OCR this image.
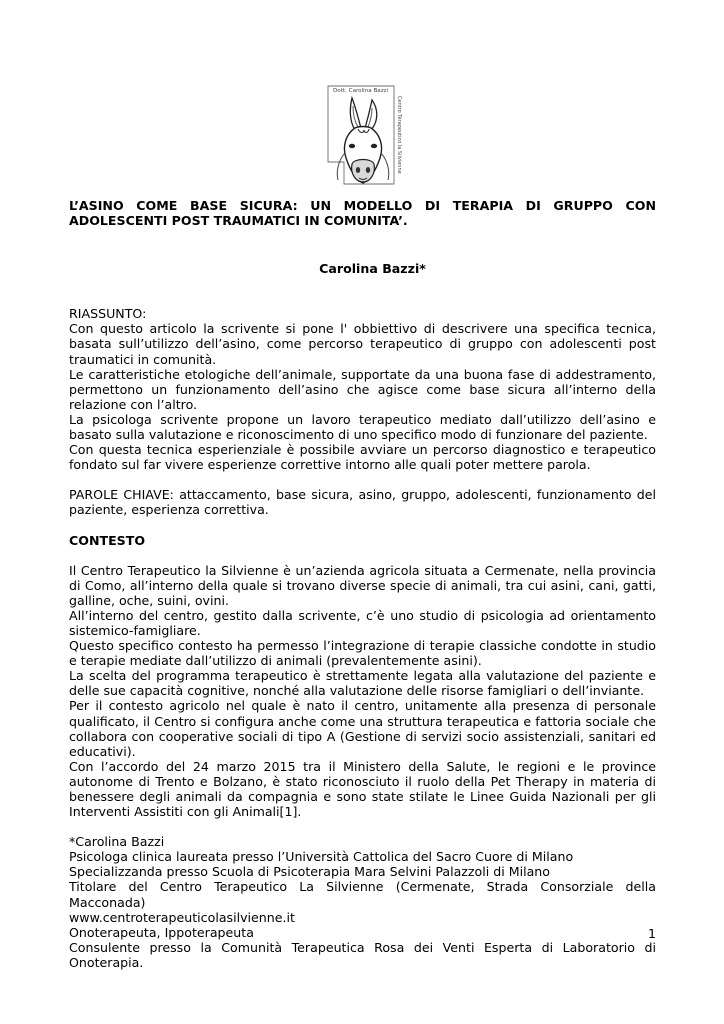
Dott. Carolina Bazzi
Centro Terapeutico la Silvienne

L’ASINO COME BASE SICURA: UN MODELLO DI TERAPIA DI GRUPPO CON ADOLESCENTI POST TRAUMATICI IN COMUNITA’.

Carolina Bazzi*

RIASSUNTO:

Con questo articolo la scrivente si pone l' obbiettivo di descrivere una specifica tecnica, basata sull’utilizzo dell’asino, come percorso terapeutico di gruppo con adolescenti post traumatici in comunità.

Le caratteristiche etologiche dell’animale, supportate da una buona fase di addestramento, permettono un funzionamento dell’asino che agisce come base sicura all’interno della relazione con l’altro.

La psicologa scrivente propone un lavoro terapeutico mediato dall’utilizzo dell’asino e basato sulla valutazione e riconoscimento di uno specifico modo di funzionare del paziente.

Con questa tecnica esperienziale è possibile avviare un percorso diagnostico e terapeutico fondato sul far vivere esperienze correttive intorno alle quali poter mettere parola.

PAROLE CHIAVE: attaccamento, base sicura, asino, gruppo, adolescenti, funzionamento del paziente, esperienza correttiva.

CONTESTO

Il Centro Terapeutico la Silvienne è un’azienda agricola situata a Cermenate, nella provincia di Como, all’interno della quale si trovano diverse specie di animali, tra cui asini, cani, gatti, galline, oche, suini, ovini.

All’interno del centro, gestito dalla scrivente, c’è uno studio di psicologia ad orientamento sistemico-famigliare.

Questo specifico contesto ha permesso l’integrazione di terapie classiche condotte in studio e terapie mediate dall’utilizzo di animali (prevalentemente asini).

La scelta del programma terapeutico è strettamente legata alla valutazione del paziente e delle sue capacità cognitive, nonché alla valutazione delle risorse famigliari o dell’inviante.

Per il contesto agricolo nel quale è nato il centro, unitamente alla presenza di personale qualificato, il Centro si configura anche come una struttura terapeutica e fattoria sociale che collabora con cooperative sociali di tipo A (Gestione di servizi socio assistenziali, sanitari ed educativi).

Con l’accordo del 24 marzo 2015 tra il Ministero della Salute, le regioni e le province autonome di Trento e Bolzano, è stato riconosciuto il ruolo della Pet Therapy in materia di benessere degli animali da compagnia e sono state stilate le Linee Guida Nazionali per gli Interventi Assistiti con gli Animali[1].

*Carolina Bazzi

Psicologa clinica laureata presso l’Università Cattolica del Sacro Cuore di Milano

Specializzanda presso Scuola di Psicoterapia Mara Selvini Palazzoli di Milano

Titolare del Centro Terapeutico La Silvienne (Cermenate, Strada Consorziale della Macconada)

www.centroterapeuticolasilvienne.it

Onoterapeuta, Ippoterapeuta

Consulente presso la Comunità Terapeutica Rosa dei Venti Esperta di Laboratorio di Onoterapia.

1
